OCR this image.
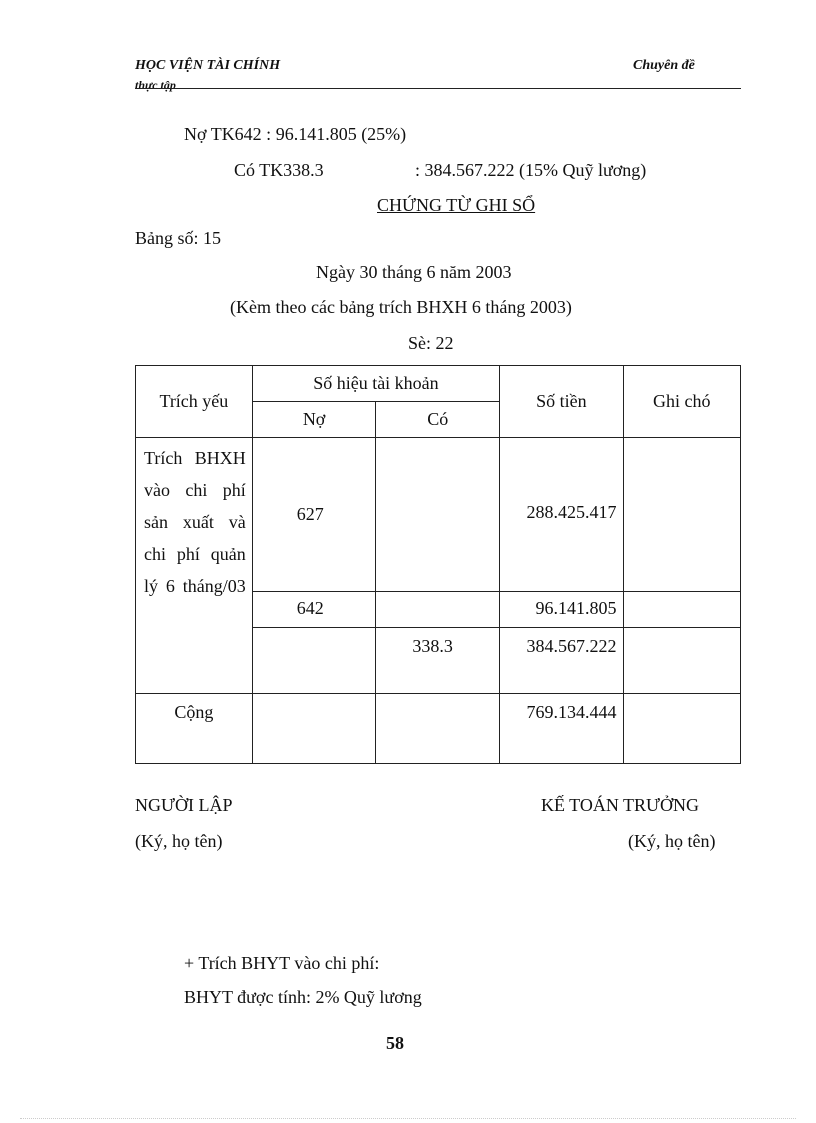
HỌC VIỆN TÀI CHÍNH
thực tập
Chuyên đề
Nợ TK642 : 96.141.805 (25%)
Có TK338.3	: 384.567.222 (15% Quỹ lương)
CHỨNG TỪ GHI SỔ
Bảng số: 15
Ngày 30 tháng 6 năm 2003
(Kèm theo các bảng trích BHXH 6 tháng 2003)
Sè: 22
Trích yếu	Số hiệu tài khoản		Số tiền	Ghi chó
	Nợ	Có		

Trích BHXH vào chi phí sản xuất và chi phí quản lý 6 tháng/03	627		288.425.417	

	642		96.141.805	

		338.3	384.567.222	

Cộng			769.134.444	

NGƯỜI LẬP
(Ký, họ tên)
KẾ TOÁN TRƯỞNG
(Ký, họ tên)
+ Trích BHYT vào chi phí:
BHYT được tính: 2% Quỹ lương
58
